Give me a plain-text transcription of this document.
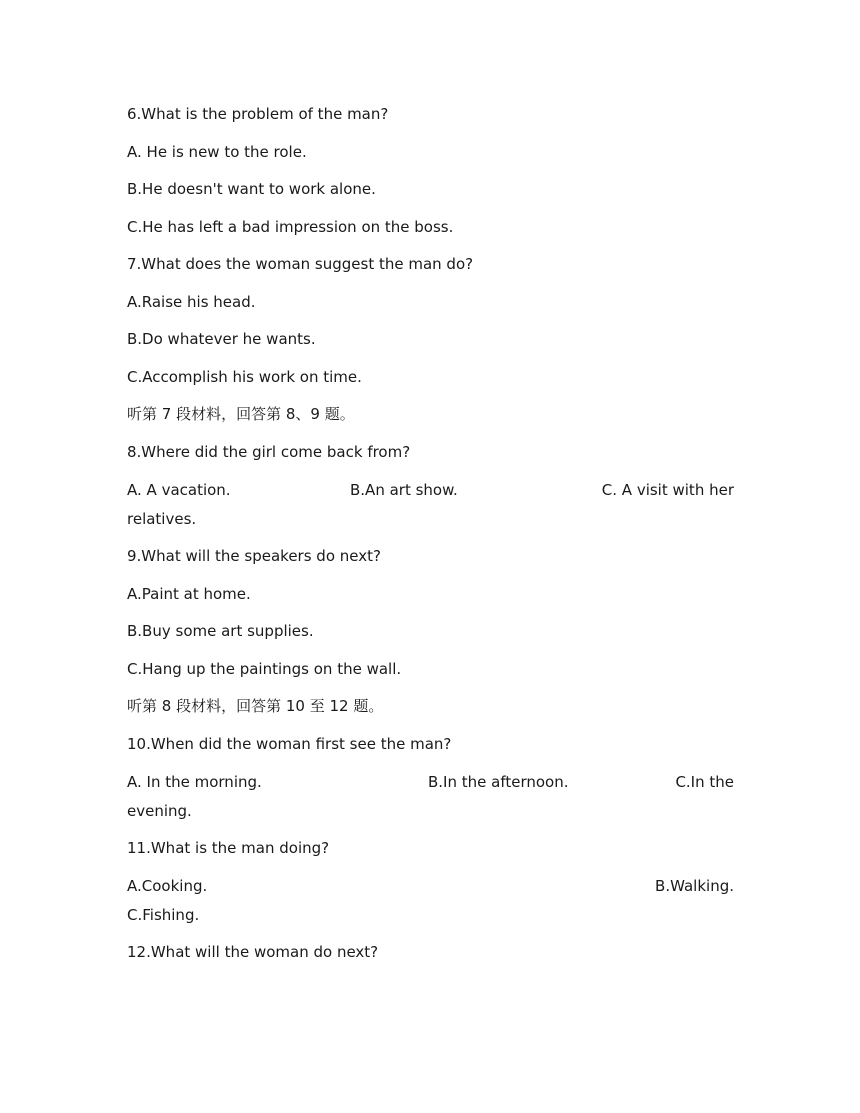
6.What is the problem of the man?
A. He is new to the role.
B.He doesn't want to work alone.
C.He has left a bad impression on the boss.
7.What does the woman suggest the man do?
A.Raise his head.
B.Do whatever he wants.
C.Accomplish his work on time.
听第 7 段材料，回答第 8、9 题。
8.Where did the girl come back from?
A. A vacation.	B.An art show.	C. A visit with her
relatives.
9.What will the speakers do next?
A.Paint at home.
B.Buy some art supplies.
C.Hang up the paintings on the wall.
听第 8 段材料，回答第 10 至 12 题。
10.When did the woman first see the man?
A. In the morning.	B.In the afternoon.	C.In the
evening.
11.What is the man doing?
A.Cooking.	B.Walking.
C.Fishing.
12.What will the woman do next?
